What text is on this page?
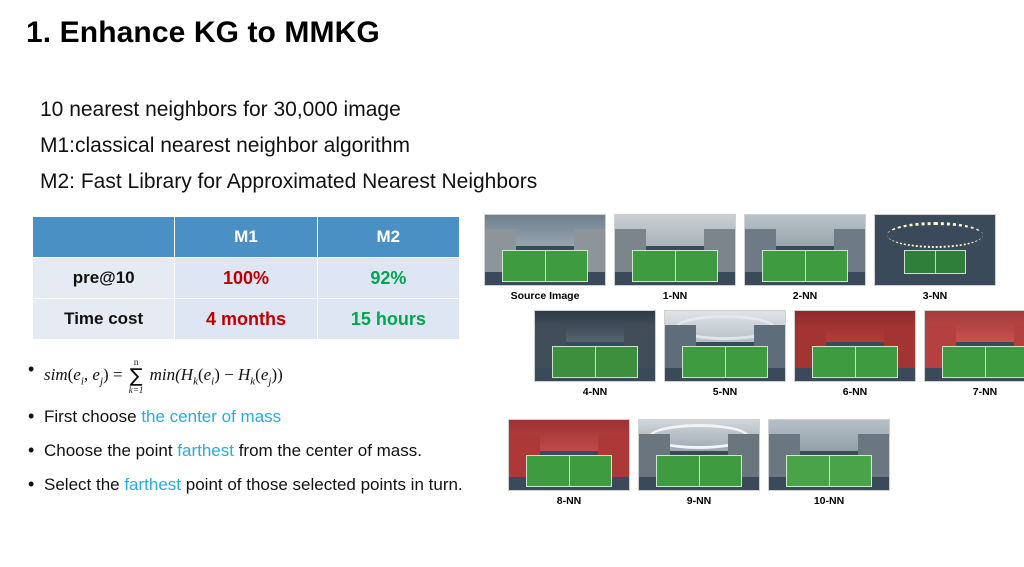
1. Enhance KG to MMKG
10 nearest neighbors for 30,000 image
M1:classical nearest neighbor algorithm
M2: Fast Library for Approximated Nearest Neighbors
	M1	M2
pre@10	100%	92%
Time cost	4 months	15 hours
• $sim(e_i$, $e_j$) =
n
∑
k=1
$\min(H_k(e_i) - H_k(e_j))$
• First choose the center of mass
• Choose the point farthest from the center of mass.
• Select the farthest point of those selected points in turn.
Source Image	1-NN	2-NN	3-NN
4-NN	5-NN	6-NN	7-NN
8-NN	9-NN	10-NN
